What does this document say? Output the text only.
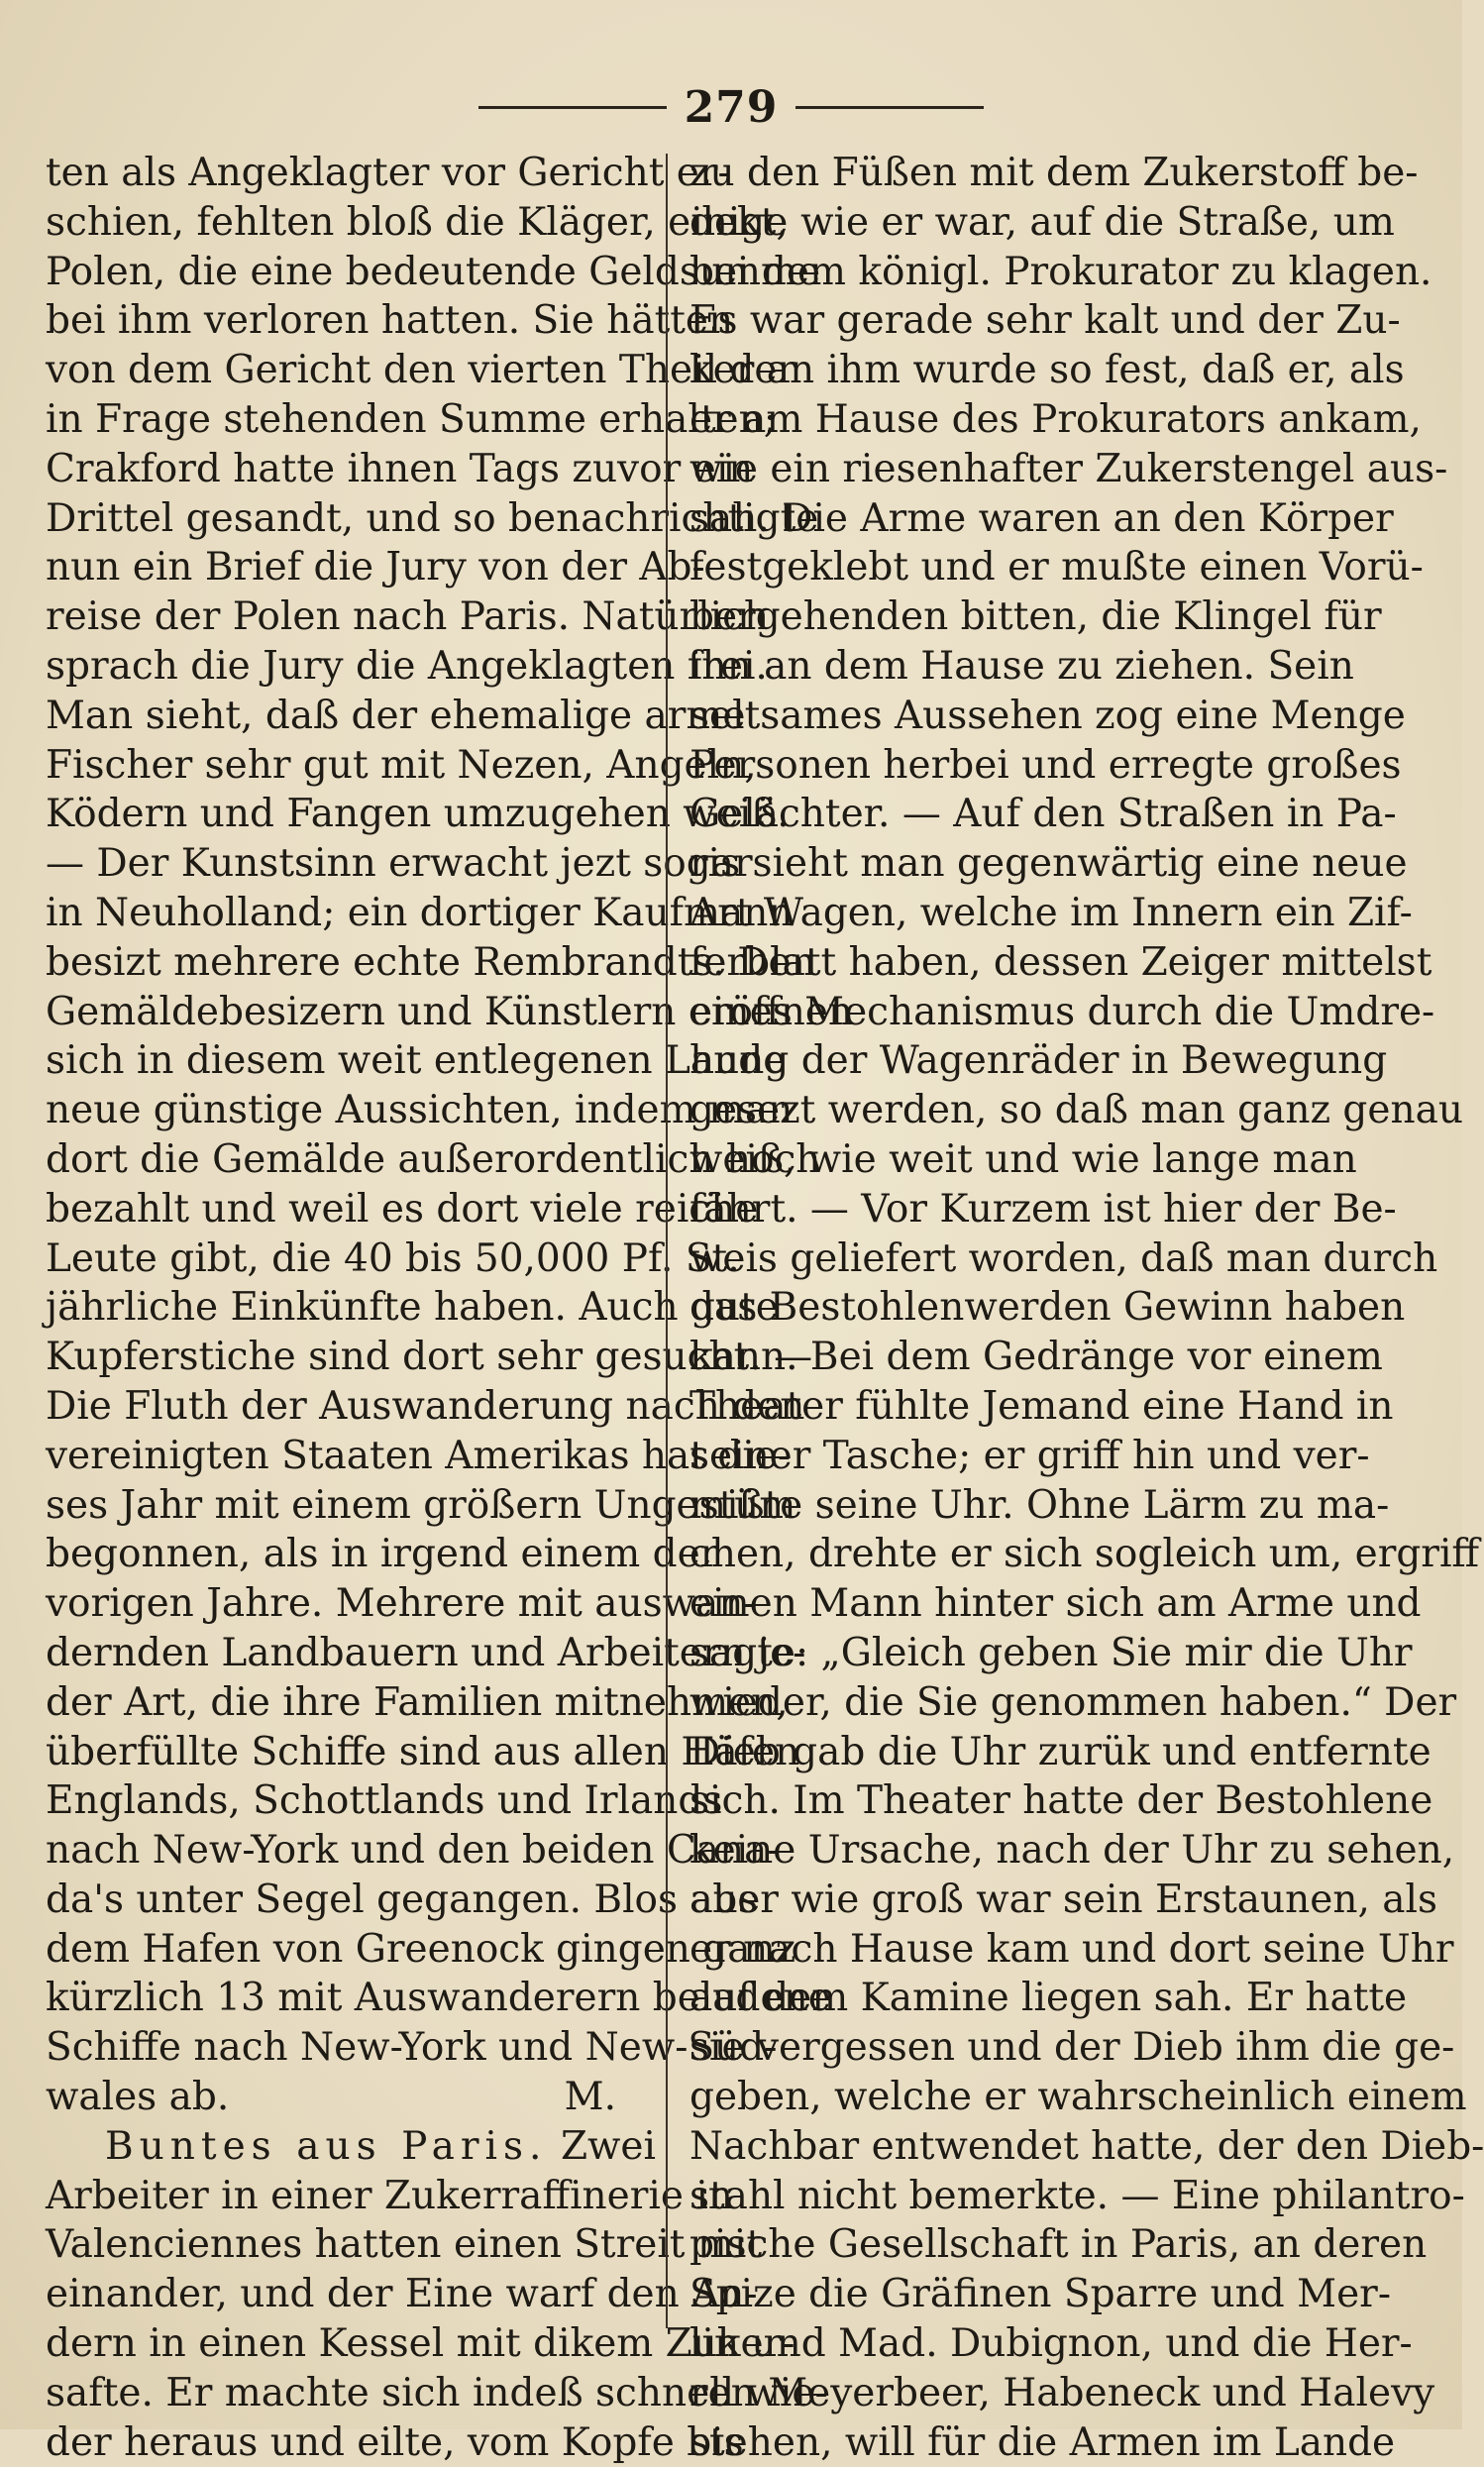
279
ten als Angeklagter vor Gericht er-
schien, fehlten bloß die Kläger, einige
Polen, die eine bedeutende Geldsumme
bei ihm verloren hatten. Sie hätten
von dem Gericht den vierten Theil der
in Frage stehenden Summe erhalten;
Crakford hatte ihnen Tags zuvor ein
Drittel gesandt, und so benachrichtigte
nun ein Brief die Jury von der Ab-
reise der Polen nach Paris. Natürlich
sprach die Jury die Angeklagten frei.
Man sieht, daß der ehemalige arme
Fischer sehr gut mit Nezen, Angeln,
Ködern und Fangen umzugehen weiß.
— Der Kunstsinn erwacht jezt sogar
in Neuholland; ein dortiger Kaufmann
besizt mehrere echte Rembrandts. Den
Gemäldebesizern und Künstlern eröffnen
sich in diesem weit entlegenen Lande
neue günstige Aussichten, indem man
dort die Gemälde außerordentlich hoch
bezahlt und weil es dort viele reiche
Leute gibt, die 40 bis 50,000 Pf. St.
jährliche Einkünfte haben. Auch gute
Kupferstiche sind dort sehr gesucht. —
Die Fluth der Auswanderung nach den
vereinigten Staaten Amerikas hat die-
ses Jahr mit einem größern Ungestüm
begonnen, als in irgend einem der
vorigen Jahre. Mehrere mit auswan-
dernden Landbauern und Arbeitern je-
der Art, die ihre Familien mitnehmen,
überfüllte Schiffe sind aus allen Häfen
Englands, Schottlands und Irlands
nach New-York und den beiden Cana-
da's unter Segel gegangen. Blos aus
dem Hafen von Greenock gingen ganz
kürzlich 13 mit Auswanderern beladene
Schiffe nach New-York und New-Süd-
wales ab.	M.
Buntes aus Paris. Zwei
Arbeiter in einer Zukerraffinerie in
Valenciennes hatten einen Streit mit
einander, und der Eine warf den An-
dern in einen Kessel mit dikem Zuker-
safte. Er machte sich indeß schnell wie-
der heraus und eilte, vom Kopfe bis
zu den Füßen mit dem Zukerstoff be-
dekt, wie er war, auf die Straße, um
bei dem königl. Prokurator zu klagen.
Es war gerade sehr kalt und der Zu-
ker an ihm wurde so fest, daß er, als
er am Hause des Prokurators ankam,
wie ein riesenhafter Zukerstengel aus-
sah. Die Arme waren an den Körper
festgeklebt und er mußte einen Vorü-
bergehenden bitten, die Klingel für
ihn an dem Hause zu ziehen. Sein
seltsames Aussehen zog eine Menge
Personen herbei und erregte großes
Gelächter. — Auf den Straßen in Pa-
ris sieht man gegenwärtig eine neue
Art Wagen, welche im Innern ein Zif-
ferblatt haben, dessen Zeiger mittelst
eines Mechanismus durch die Umdre-
hung der Wagenräder in Bewegung
gesezt werden, so daß man ganz genau
weiß, wie weit und wie lange man
fährt. — Vor Kurzem ist hier der Be-
weis geliefert worden, daß man durch
das Bestohlenwerden Gewinn haben
kann. Bei dem Gedränge vor einem
Theater fühlte Jemand eine Hand in
seiner Tasche; er griff hin und ver-
mißte seine Uhr. Ohne Lärm zu ma-
chen, drehte er sich sogleich um, ergriff
einen Mann hinter sich am Arme und
sagte: „Gleich geben Sie mir die Uhr
wieder, die Sie genommen haben.“ Der
Dieb gab die Uhr zurük und entfernte
sich. Im Theater hatte der Bestohlene
keine Ursache, nach der Uhr zu sehen,
aber wie groß war sein Erstaunen, als
er nach Hause kam und dort seine Uhr
auf dem Kamine liegen sah. Er hatte
sie vergessen und der Dieb ihm die ge-
geben, welche er wahrscheinlich einem
Nachbar entwendet hatte, der den Dieb-
stahl nicht bemerkte. — Eine philantro-
pische Gesellschaft in Paris, an deren
Spize die Gräfinen Sparre und Mer-
lin und Mad. Dubignon, und die Her-
ren Meyerbeer, Habeneck und Halevy
stehen, will für die Armen im Lande
